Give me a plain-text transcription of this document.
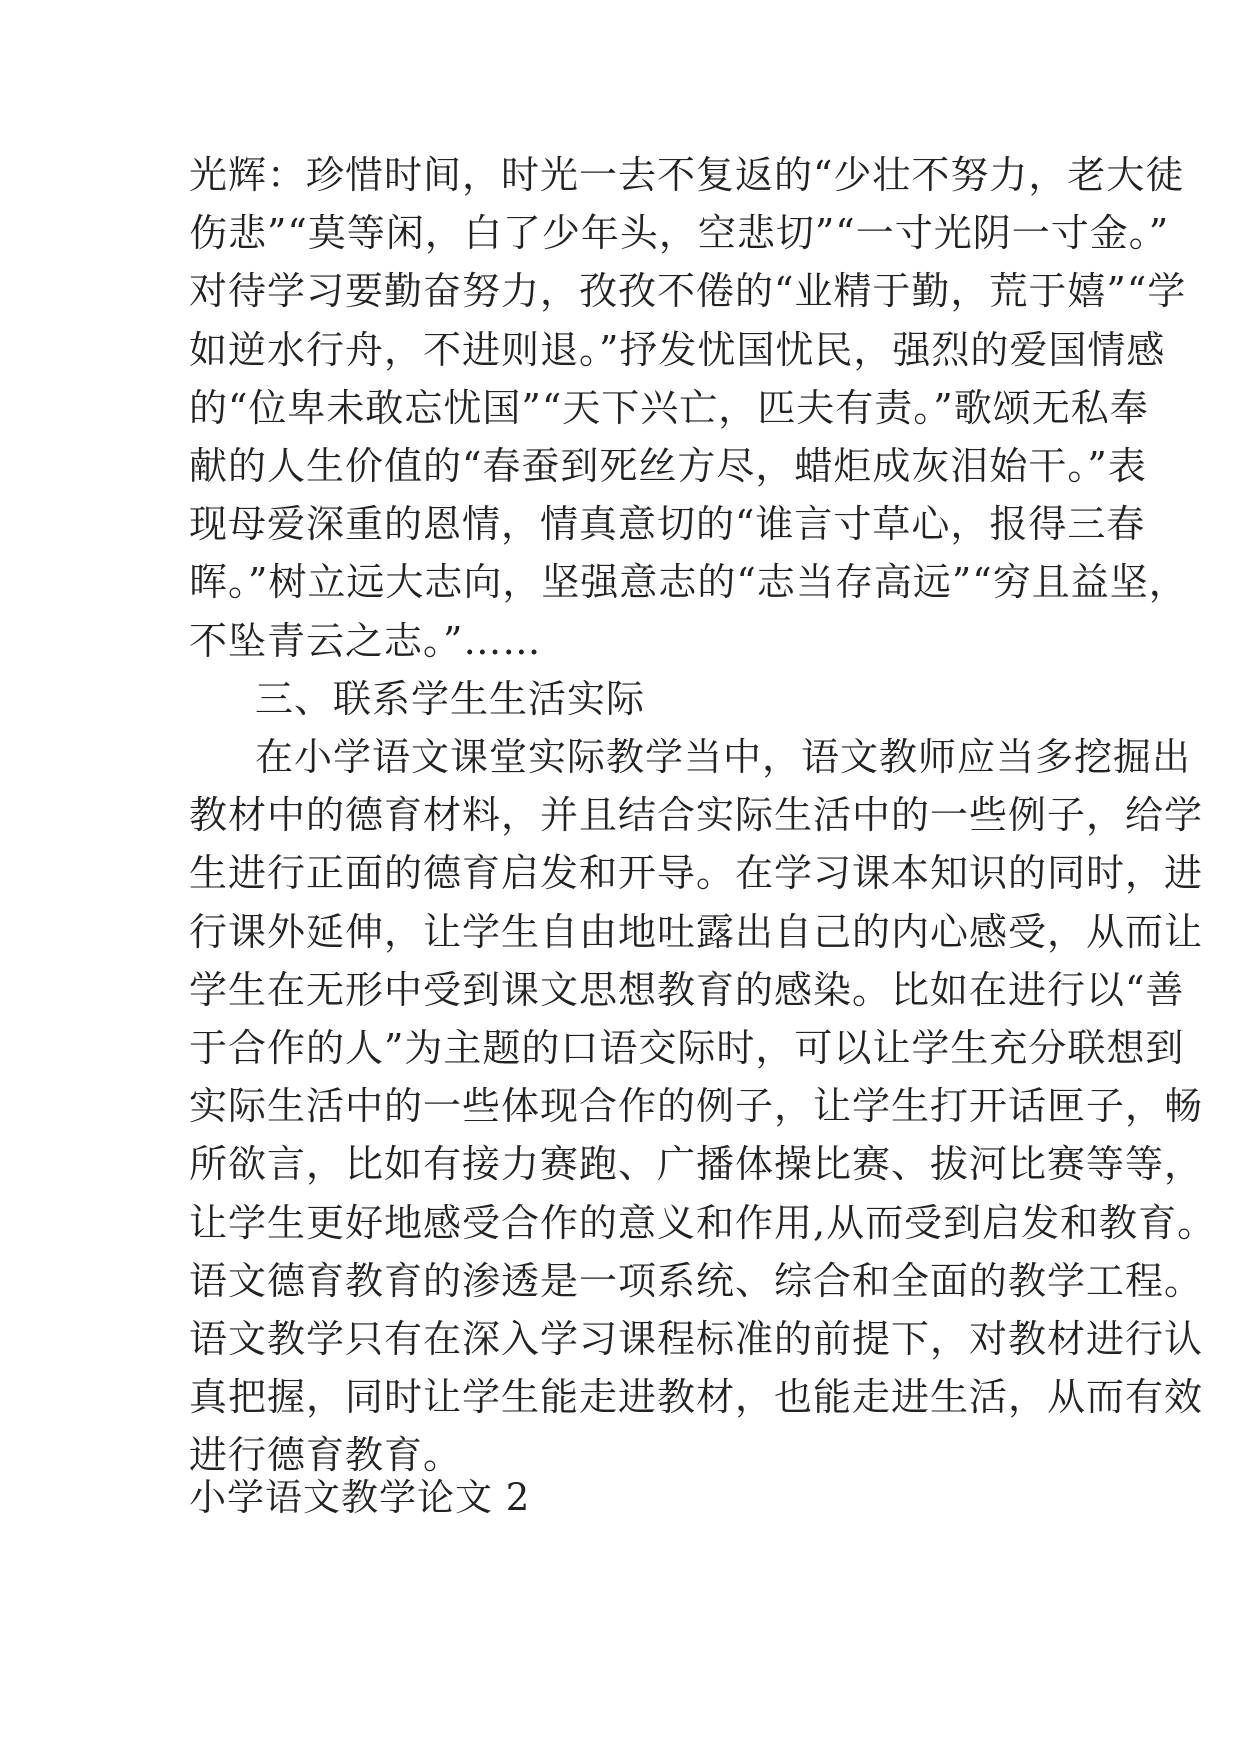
光辉：珍惜时间，时光一去不复返的“少壮不努力，老大徒
伤悲”“莫等闲，白了少年头，空悲切”“一寸光阴一寸金。”
对待学习要勤奋努力，孜孜不倦的“业精于勤，荒于嬉”“学
如逆水行舟，不进则退。”抒发忧国忧民，强烈的爱国情感
的“位卑未敢忘忧国”“天下兴亡，匹夫有责。”歌颂无私奉
献的人生价值的“春蚕到死丝方尽，蜡炬成灰泪始干。”表
现母爱深重的恩情，情真意切的“谁言寸草心，报得三春
晖。”树立远大志向，坚强意志的“志当存高远”“穷且益坚，
不坠青云之志。”……
三、联系学生生活实际
在小学语文课堂实际教学当中，语文教师应当多挖掘出
教材中的德育材料，并且结合实际生活中的一些例子，给学
生进行正面的德育启发和开导。在学习课本知识的同时，进
行课外延伸，让学生自由地吐露出自己的内心感受，从而让
学生在无形中受到课文思想教育的感染。比如在进行以“善
于合作的人”为主题的口语交际时，可以让学生充分联想到
实际生活中的一些体现合作的例子，让学生打开话匣子，畅
所欲言，比如有接力赛跑、广播体操比赛、拔河比赛等等，
让学生更好地感受合作的意义和作用,从而受到启发和教育。
语文德育教育的渗透是一项系统、综合和全面的教学工程。
语文教学只有在深入学习课程标准的前提下，对教材进行认
真把握，同时让学生能走进教材，也能走进生活，从而有效
进行德育教育。
小学语文教学论文 2
